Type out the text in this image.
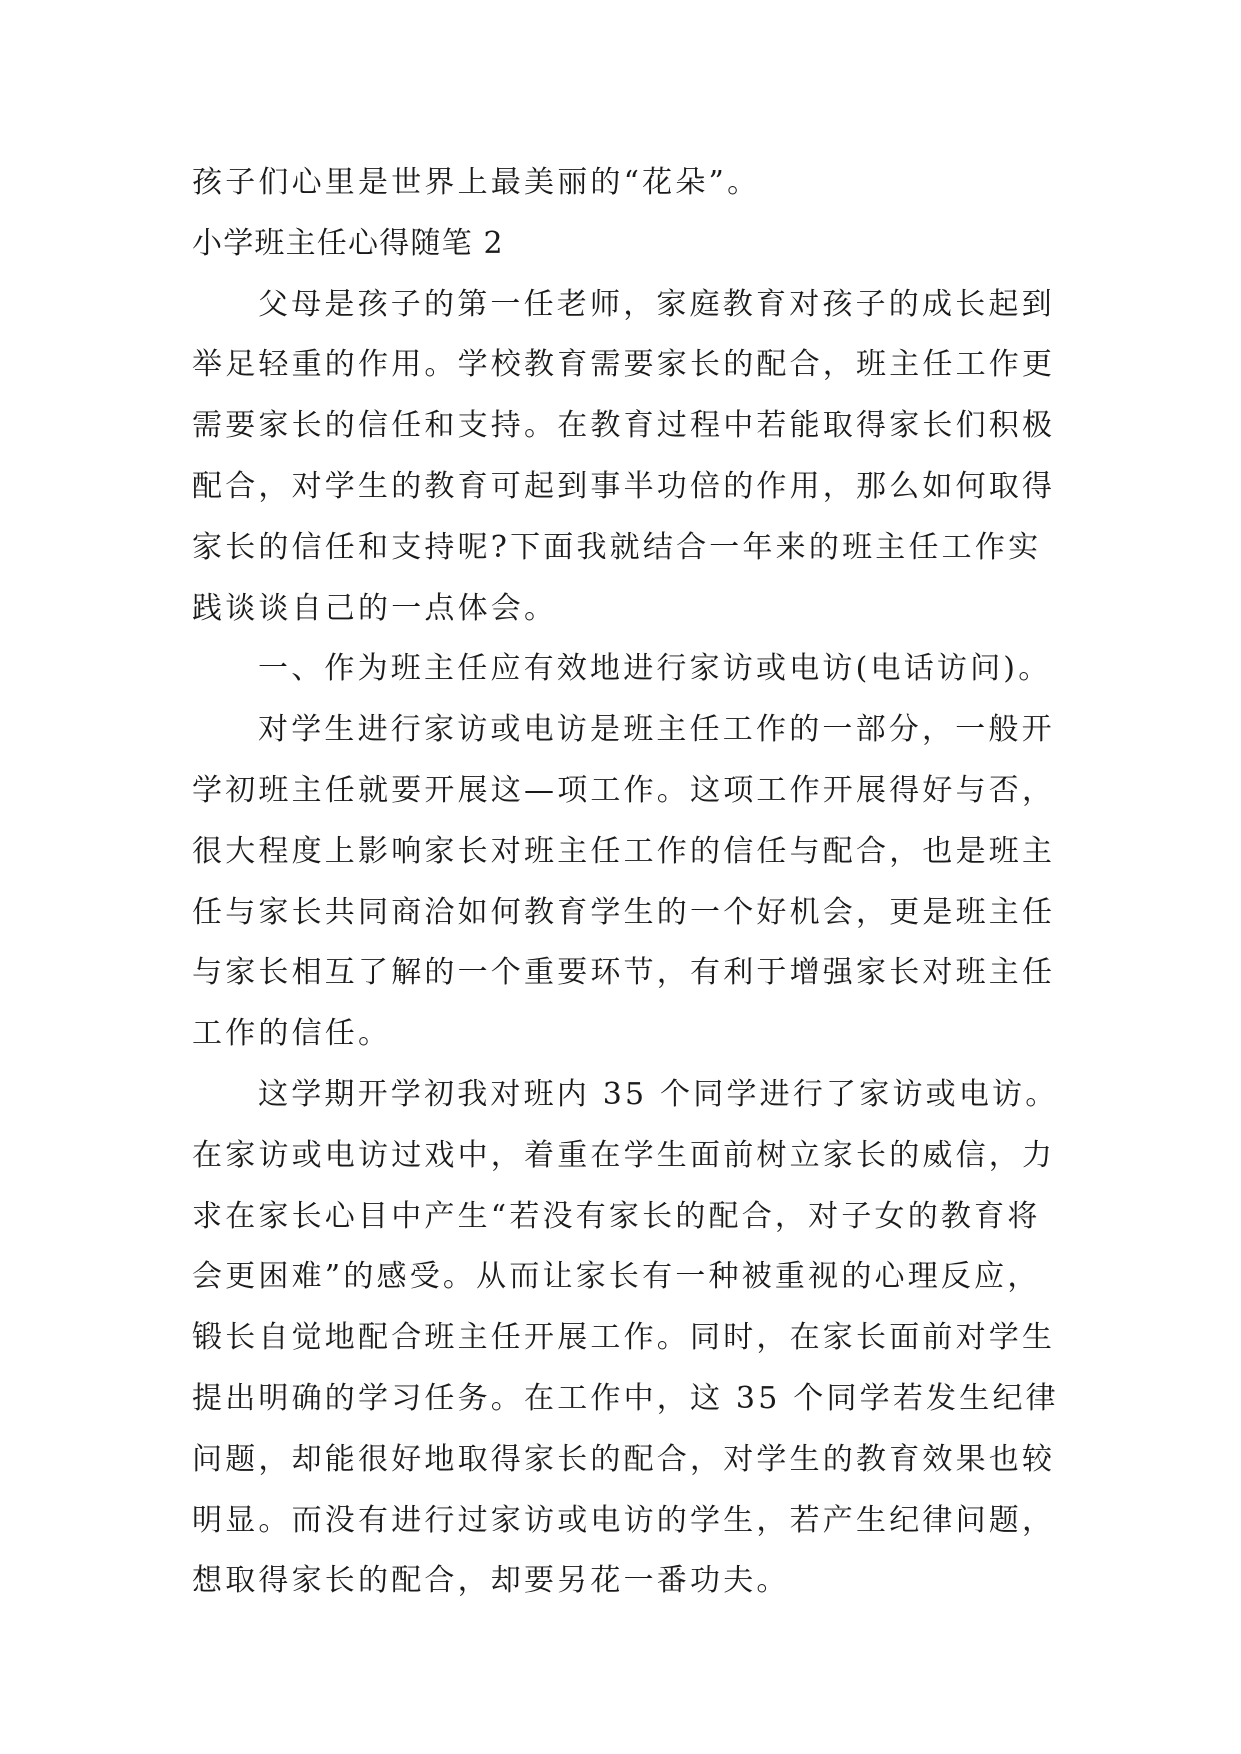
孩子们心里是世界上最美丽的“花朵”。

小学班主任心得随笔 2

父母是孩子的第一任老师，家庭教育对孩子的成长起到

举足轻重的作用。学校教育需要家长的配合，班主任工作更

需要家长的信任和支持。在教育过程中若能取得家长们积极

配合，对学生的教育可起到事半功倍的作用，那么如何取得

家长的信任和支持呢?下面我就结合一年来的班主任工作实

践谈谈自己的一点体会。

一、作为班主任应有效地进行家访或电访(电话访问)。

对学生进行家访或电访是班主任工作的一部分，一般开

学初班主任就要开展这—项工作。这项工作开展得好与否，

很大程度上影响家长对班主任工作的信任与配合，也是班主

任与家长共同商洽如何教育学生的一个好机会，更是班主任

与家长相互了解的一个重要环节，有利于增强家长对班主任

工作的信任。

这学期开学初我对班内 35 个同学进行了家访或电访。

在家访或电访过戏中，着重在学生面前树立家长的威信，力

求在家长心目中产生“若没有家长的配合，对子女的教育将

会更困难”的感受。从而让家长有一种被重视的心理反应，

锻长自觉地配合班主任开展工作。同时，在家长面前对学生

提出明确的学习任务。在工作中，这 35 个同学若发生纪律

问题，却能很好地取得家长的配合，对学生的教育效果也较

明显。而没有进行过家访或电访的学生，若产生纪律问题，

想取得家长的配合，却要另花一番功夫。
